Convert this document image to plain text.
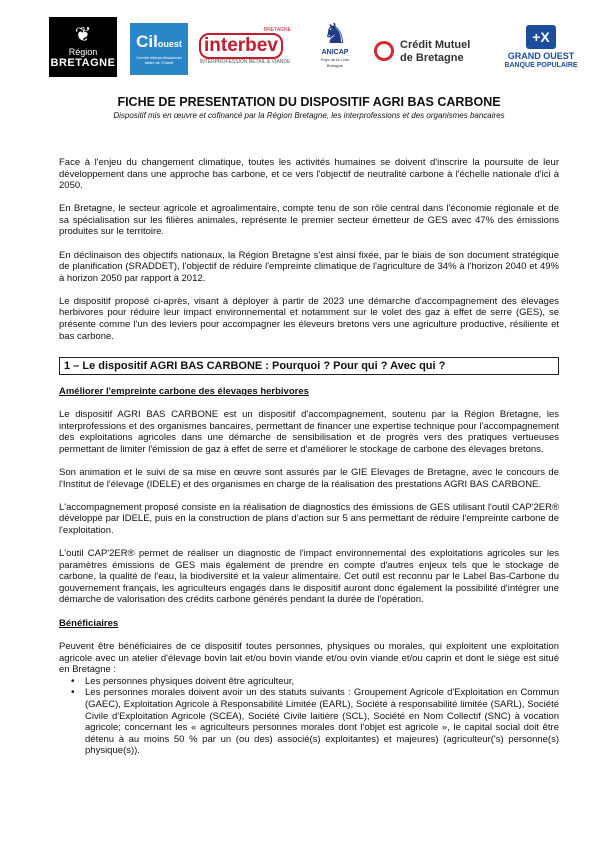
❦
Région
BRETAGNE
Cilouest
Comité interprofessionnel laitier de l'Ouest
BRETAGNE
interbev
INTERPROFESSION BÉTAIL & VIANDE
♞
ANICAP
Pays de la Loire Bretagne
Crédit Mutuel
de Bretagne
+X
GRAND OUEST
BANQUE POPULAIRE
FICHE DE PRESENTATION DU DISPOSITIF AGRI BAS CARBONE
Dispositif mis en œuvre et cofinancé par la Région Bretagne, les interprofessions et des organismes bancaires

Face à l'enjeu du changement climatique, toutes les activités humaines se doivent d'inscrire la poursuite de leur développement dans une approche bas carbone, et ce vers l'objectif de neutralité carbone à l'échelle nationale d'ici à 2050.

En Bretagne, le secteur agricole et agroalimentaire, compte tenu de son rôle central dans l'économie régionale et de sa spécialisation sur les filières animales, représente le premier secteur émetteur de GES avec 47% des émissions produites sur le territoire.

En déclinaison des objectifs nationaux, la Région Bretagne s'est ainsi fixée, par le biais de son document stratégique de planification (SRADDET), l'objectif de réduire l'empreinte climatique de l'agriculture de 34% à l'horizon 2040 et 49% à horizon 2050 par rapport à 2012.

Le dispositif proposé ci-après, visant à déployer à partir de 2023 une démarche d'accompagnement des élevages herbivores pour réduire leur impact environnemental et notamment sur le volet des gaz à effet de serre (GES), se présente comme l'un des leviers pour accompagner les éleveurs bretons vers une agriculture productive, résiliente et bas carbone.

1 – Le dispositif AGRI BAS CARBONE : Pourquoi ? Pour qui ? Avec qui ?
Améliorer l'empreinte carbone des élevages herbivores

Le dispositif AGRI BAS CARBONE est un dispositif d'accompagnement, soutenu par la Région Bretagne, les interprofessions et des organismes bancaires, permettant de financer une expertise technique pour l'accompagnement des exploitations agricoles dans une démarche de sensibilisation et de progrès vers des pratiques vertueuses permettant de limiter l'émission de gaz à effet de serre et d'améliorer le stockage de carbone des élevages bretons.

Son animation et le suivi de sa mise en œuvre sont assurés par le GIE Elevages de Bretagne, avec le concours de l'Institut de l'élevage (IDELE) et des organismes en charge de la réalisation des prestations AGRI BAS CARBONE.

L'accompagnement proposé consiste en la réalisation de diagnostics des émissions de GES utilisant l'outil CAP'2ER® développé par IDELE, puis en la construction de plans d'action sur 5 ans permettant de réduire l'empreinte carbone de l'exploitation.

L'outil CAP'2ER® permet de réaliser un diagnostic de l'impact environnemental des exploitations agricoles sur les paramètres émissions de GES mais également de prendre en compte d'autres enjeux tels que le stockage de carbone, la qualité de l'eau, la biodiversité et la valeur alimentaire. Cet outil est reconnu par le Label Bas-Carbone du gouvernement français, les agriculteurs engagés dans le dispositif auront donc également la possibilité d'intégrer une démarche de valorisation des crédits carbone générés pendant la durée de l'opération.

Bénéficiaires

Peuvent être bénéficiaires de ce dispositif toutes personnes, physiques ou morales, qui exploitent une exploitation agricole avec un atelier d'élevage bovin lait et/ou bovin viande et/ou ovin viande et/ou caprin et dont le siège est situé en Bretagne :

• Les personnes physiques doivent être agriculteur,
• Les personnes morales doivent avoir un des statuts suivants : Groupement Agricole d'Exploitation en Commun (GAEC), Exploitation Agricole à Responsabilité Limitée (EARL), Société à responsabilité limitée (SARL), Société Civile d'Exploitation Agricole (SCEA), Société Civile laitière (SCL), Société en Nom Collectif (SNC) à vocation agricole; concernant les « agriculteurs personnes morales dont l'objet est agricole », le capital social doit être détenu à au moins 50 % par un (ou des) associé(s) exploitantes) et majeures) (agriculteur('s) personne(s) physique(s)).
